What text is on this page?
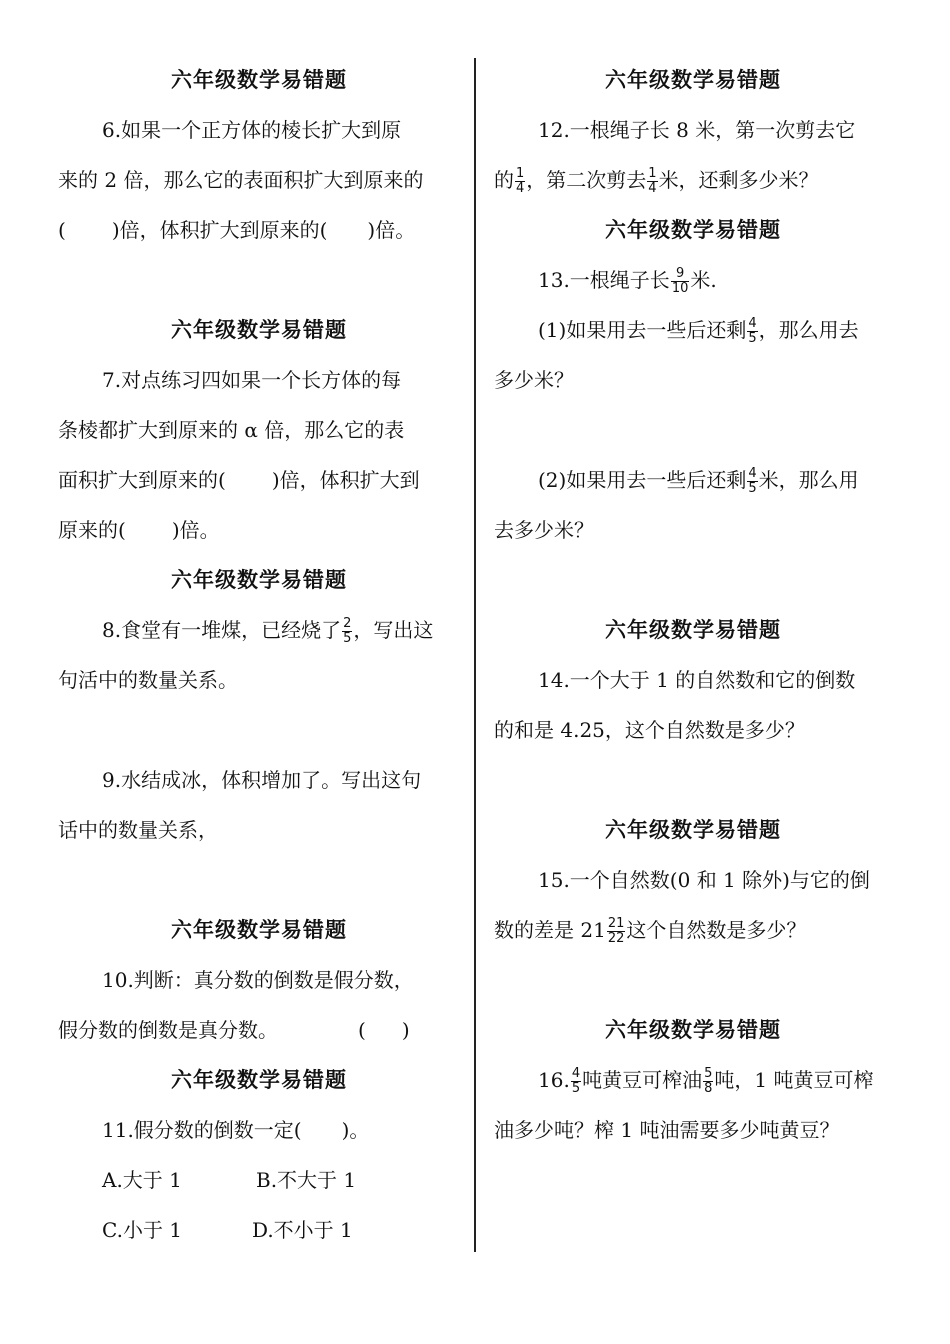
六年级数学易错题
6.如果一个正方体的棱长扩大到原
来的 2 倍，那么它的表面积扩大到原来的
( )倍，体积扩大到原来的( )倍。
六年级数学易错题
7.对点练习四如果一个长方体的每
条棱都扩大到原来的 α 倍，那么它的表
面积扩大到原来的( )倍，体积扩大到
原来的( )倍。
六年级数学易错题
8.食堂有一堆煤，已经烧了 $\frac{2}{5}$ ，写出这
句活中的数量关系。
9.水结成冰，体积增加了。写出这句
话中的数量关系，
六年级数学易错题
10.判断：真分数的倒数是假分数，
假分数的倒数是真分数。	( )
六年级数学易错题
11.假分数的倒数一定( )。
A.大于 1	B.不大于 1
C.小于 1	D.不小于 1
六年级数学易错题
12.一根绳子长 8 米，第一次剪去它
的 $\frac{1}{4}$ ，第二次剪去 $\frac{1}{4}$ 米，还剩多少米？
六年级数学易错题
13.一根绳子长 $\frac{9}{10}$ 米.
(1)如果用去一些后还剩 $\frac{4}{5}$ ，那么用去
多少米？
(2)如果用去一些后还剩 $\frac{4}{5}$ 米，那么用
去多少米？
六年级数学易错题
14.一个大于 1 的自然数和它的倒数
的和是 4.25，这个自然数是多少？
六年级数学易错题
15.一个自然数(0 和 1 除外)与它的倒
数的差是 $21 \frac{21}{22}$ 这个自然数是多少？
六年级数学易错题
16. $\frac{4}{5}$ 吨黄豆可榨油 $\frac{5}{8}$ 吨，1 吨黄豆可榨
油多少吨？榨 1 吨油需要多少吨黄豆？
